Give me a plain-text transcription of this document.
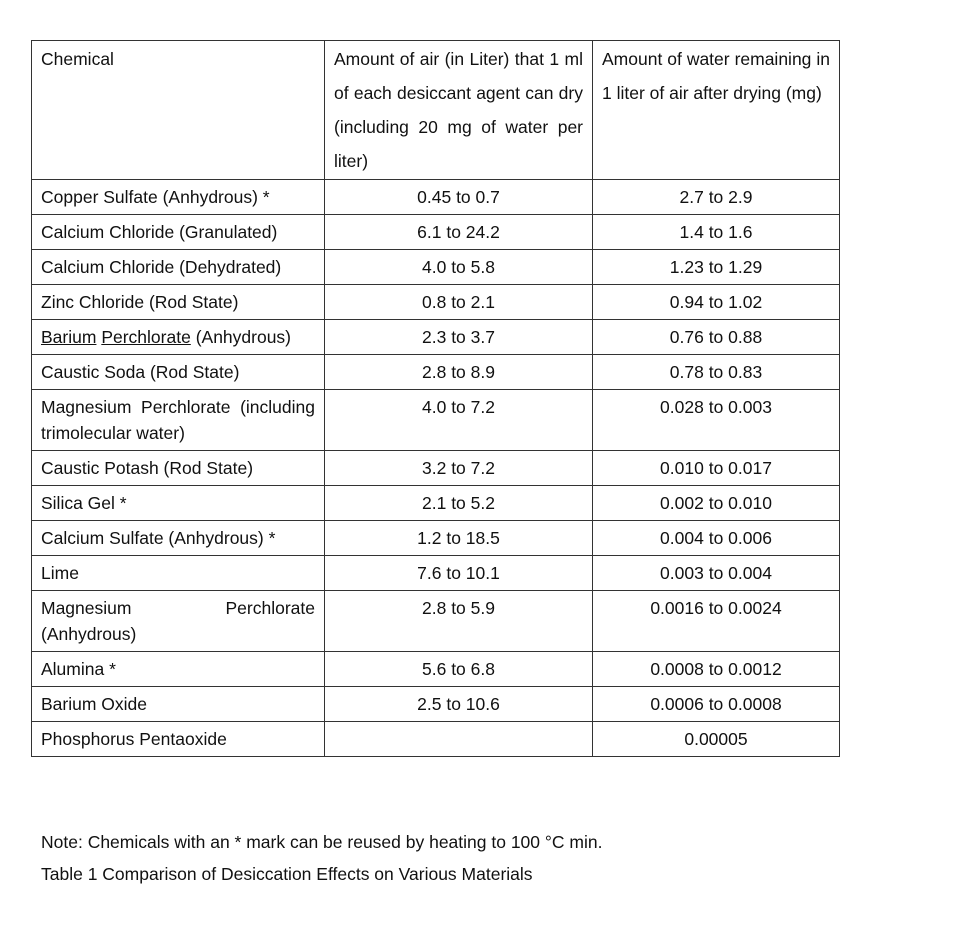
Chemical	Amount of air (in Liter) that 1 ml of each desiccant agent can dry (including 20 mg of water per liter)	Amount of water remaining in 1 liter of air after drying (mg)
Copper Sulfate (Anhydrous) *	0.45 to 0.7	2.7 to 2.9
Calcium Chloride (Granulated)	6.1 to 24.2	1.4 to 1.6
Calcium Chloride (Dehydrated)	4.0 to 5.8	1.23 to 1.29
Zinc Chloride (Rod State)	0.8 to 2.1	0.94 to 1.02
Barium Perchlorate (Anhydrous)	2.3 to 3.7	0.76 to 0.88
Caustic Soda (Rod State)	2.8 to 8.9	0.78 to 0.83
Magnesium Perchlorate (including trimolecular water)	4.0 to 7.2	0.028 to 0.003
Caustic Potash (Rod State)	3.2 to 7.2	0.010 to 0.017
Silica Gel *	2.1 to 5.2	0.002 to 0.010
Calcium Sulfate (Anhydrous) *	1.2 to 18.5	0.004 to 0.006
Lime	7.6 to 10.1	0.003 to 0.004
Magnesium Perchlorate (Anhydrous)	2.8 to 5.9	0.0016 to 0.0024
Alumina *	5.6 to 6.8	0.0008 to 0.0012
Barium Oxide	2.5 to 10.6	0.0006 to 0.0008
Phosphorus Pentaoxide		0.00005
Note: Chemicals with an * mark can be reused by heating to 100 °C min.
Table 1 Comparison of Desiccation Effects on Various Materials
